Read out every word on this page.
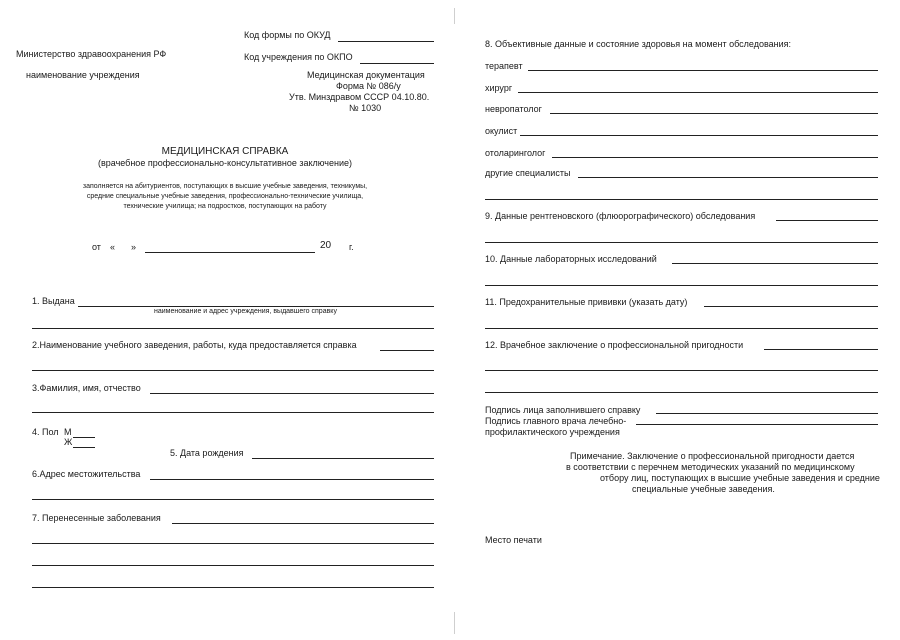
Код формы по ОКУД
Код учреждения по ОКПО
Министерство здравоохранения РФ
наименование учреждения	Медицинская документация
Форма № 086/у
Утв. Минздравом СССР 04.10.80.
№ 1030
МЕДИЦИНСКАЯ СПРАВКА
(врачебное профессионально-консультативное заключение)
заполняется на абитуриентов, поступающих в высшие учебные заведения, техникумы,
средние специальные учебные заведения, профессионально-технические училища,
технические училища; на подростков, поступающих на работу
от « »	20 г.
1. Выдана
наименование и адрес учреждения, выдавшего справку
2.Наименование учебного заведения, работы, куда предоставляется справка
3.Фамилия, имя, отчество
4. Пол М
Ж
5. Дата рождения
6.Адрес местожительства
7. Перенесенные заболевания
8. Объективные данные и состояние здоровья на момент обследования:
терапевт
хирург
невропатолог
окулист
отоларинголог
другие специалисты
9. Данные рентгеновского (флюорографического) обследования
10. Данные лабораторных исследований
11. Предохранительные прививки (указать дату)
12. Врачебное заключение о профессиональной пригодности
Подпись лица заполнившего справку
Подпись главного врача лечебно-
профилактического учреждения
Примечание. Заключение о профессиональной пригодности дается
в соответствии с перечнем методических указаний по медицинскому
отбору лиц, поступающих в высшие учебные заведения и средние
специальные учебные заведения.
Место печати
